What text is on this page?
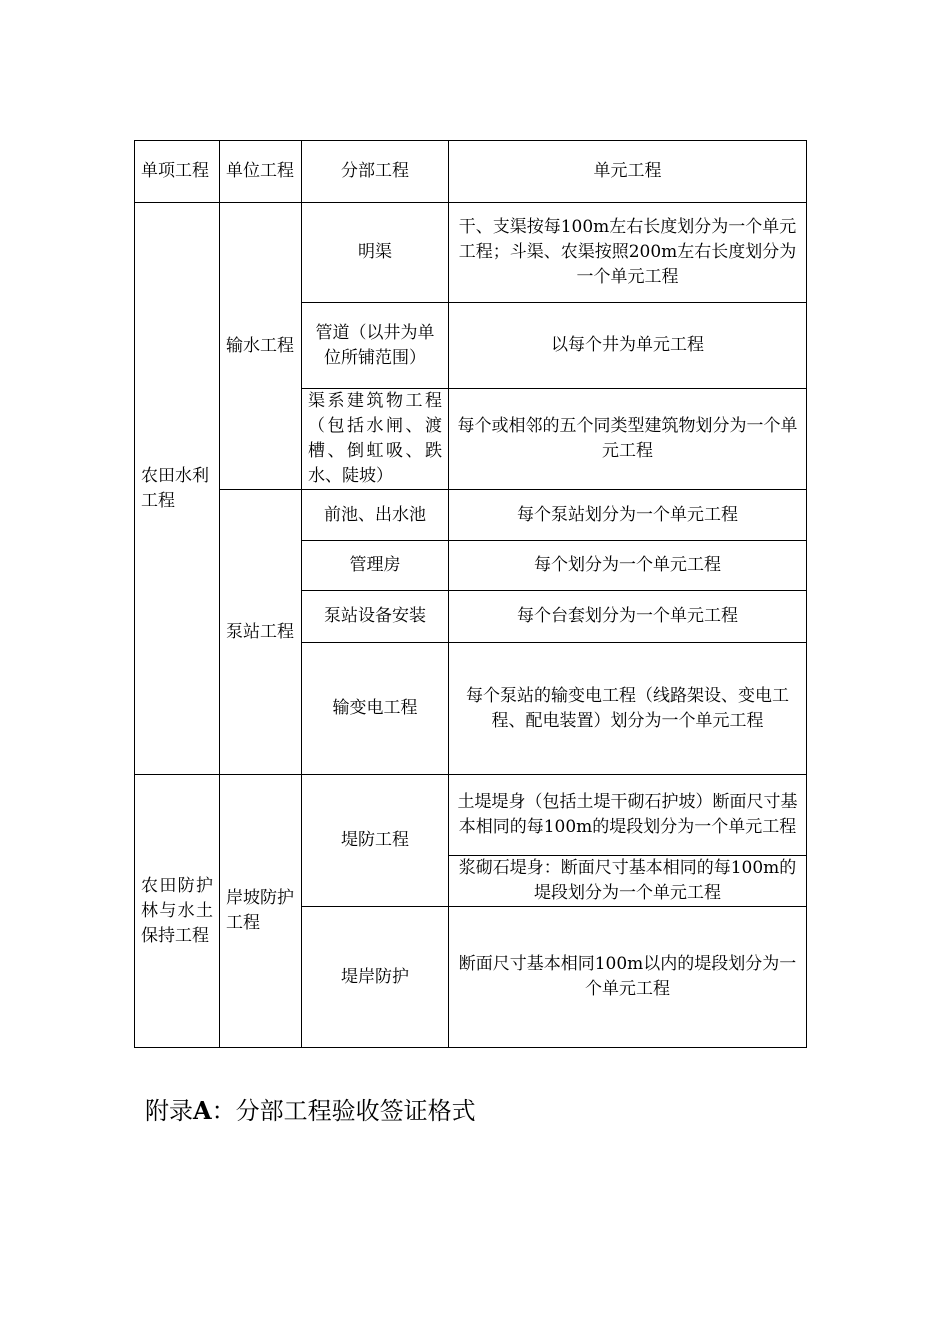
单项工程	单位工程	分部工程	单元工程
农田水利工程	输水工程	明渠	干、支渠按每100m左右长度划分为一个单元工程；斗渠、农渠按照200m左右长度划分为一个单元工程
		管道（以井为单位所铺范围）	以每个井为单元工程
		渠系建筑物工程（包括水闸、渡槽、倒虹吸、跌水、陡坡）	每个或相邻的五个同类型建筑物划分为一个单元工程
	泵站工程	前池、出水池	每个泵站划分为一个单元工程
		管理房	每个划分为一个单元工程
		泵站设备安装	每个台套划分为一个单元工程
		输变电工程	每个泵站的输变电工程（线路架设、变电工程、配电装置）划分为一个单元工程
农田防护林与水土保持工程	岸坡防护工程	堤防工程	土堤堤身（包括土堤干砌石护坡）断面尺寸基本相同的每100m的堤段划分为一个单元工程
			浆砌石堤身：断面尺寸基本相同的每100m的堤段划分为一个单元工程
		堤岸防护	断面尺寸基本相同100m以内的堤段划分为一个单元工程
附录A：分部工程验收签证格式
